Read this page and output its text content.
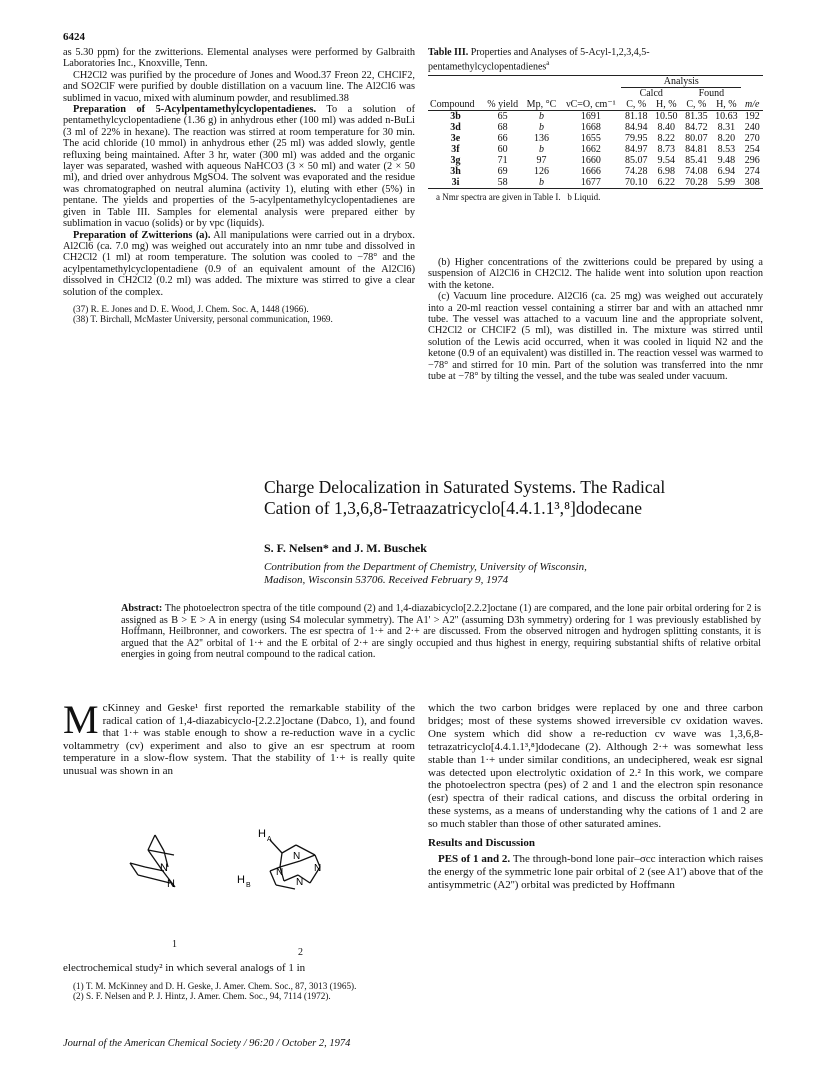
6424

as 5.30 ppm) for the zwitterions. Elemental analyses were performed by Galbraith Laboratories Inc., Knoxville, Tenn.

CH2Cl2 was purified by the procedure of Jones and Wood.37 Freon 22, CHClF2, and SO2ClF were purified by double distillation on a vacuum line. The Al2Cl6 was sublimed in vacuo, mixed with aluminum powder, and resublimed.38

Preparation of 5-Acylpentamethylcyclopentadienes. To a solution of pentamethylcyclopentadiene (1.36 g) in anhydrous ether (100 ml) was added n-BuLi (3 ml of 22% in hexane). The reaction was stirred at room temperature for 30 min. The acid chloride (10 mmol) in anhydrous ether (25 ml) was added slowly, gentle refluxing being maintained. After 3 hr, water (300 ml) was added and the organic layer was separated, washed with aqueous NaHCO3 (3 × 50 ml) and water (2 × 50 ml), and dried over anhydrous MgSO4. The solvent was evaporated and the residue was chromatographed on neutral alumina (activity 1), eluting with ether (5%) in pentane. The yields and properties of the 5-acylpentamethylcyclopentadienes are given in Table III. Samples for elemental analysis were prepared either by sublimation in vacuo (solids) or by vpc (liquids).

Preparation of Zwitterions (a). All manipulations were carried out in a drybox. Al2Cl6 (ca. 7.0 mg) was weighed out accurately into an nmr tube and dissolved in CH2Cl2 (1 ml) at room temperature. The solution was cooled to −78° and the acylpentamethylcyclopentadiene (0.9 of an equivalent amount of the Al2Cl6) dissolved in CH2Cl2 (0.2 ml) was added. The mixture was stirred to give a clear solution of the complex.

(37) R. E. Jones and D. E. Wood, J. Chem. Soc. A, 1448 (1966).

(38) T. Birchall, McMaster University, personal communication, 1969.

Table III. Properties and Analyses of 5-Acyl-1,2,3,4,5-pentamethylcyclopentadienes$^a$
				Analysis				
				Calcd		Found		
Compound	% yield	Mp, °C	νC=O, cm⁻¹	C, %	H, %	C, %	H, %	m/e
3b	65	b	1691	81.18	10.50	81.35	10.63	192
3d	68	b	1668	84.94	8.40	84.72	8.31	240
3e	66	136	1655	79.95	8.22	80.07	8.20	270
3f	60	b	1662	84.97	8.73	84.81	8.53	254
3g	71	97	1660	85.07	9.54	85.41	9.48	296
3h	69	126	1666	74.28	6.98	74.08	6.94	274
3i	58	b	1677	70.10	6.22	70.28	5.99	308
a Nmr spectra are given in Table I. b Liquid.

(b) Higher concentrations of the zwitterions could be prepared by using a suspension of Al2Cl6 in CH2Cl2. The halide went into solution upon reaction with the ketone.

(c) Vacuum line procedure. Al2Cl6 (ca. 25 mg) was weighed out accurately into a 20-ml reaction vessel containing a stirrer bar and with an attached nmr tube. The vessel was attached to a vacuum line and the appropriate solvent, CH2Cl2 or CHClF2 (5 ml), was distilled in. The mixture was stirred until solution of the Lewis acid occurred, when it was cooled in liquid N2 and the ketone (0.9 of an equivalent) was distilled in. The reaction vessel was warmed to −78° and stirred for 10 min. Part of the solution was transferred into the nmr tube at −78° by tilting the vessel, and the tube was sealed under vacuum.

Charge Delocalization in Saturated Systems. The Radical
Cation of 1,3,6,8-Tetraazatricyclo[4.4.1.1³,⁸]dodecane
S. F. Nelsen* and J. M. Buschek
Contribution from the Department of Chemistry, University of Wisconsin,
Madison, Wisconsin 53706. Received February 9, 1974
Abstract: The photoelectron spectra of the title compound (2) and 1,4-diazabicyclo[2.2.2]octane (1) are compared, and the lone pair orbital ordering for 2 is assigned as B > E > A in energy (using S4 molecular symmetry). The A1' > A2'' (assuming D3h symmetry) ordering for 1 was previously established by Hoffmann, Heilbronner, and coworkers. The esr spectra of 1·+ and 2·+ are discussed. From the observed nitrogen and hydrogen splitting constants, it is argued that the A2'' orbital of 1·+ and the E orbital of 2·+ are singly occupied and thus highest in energy, requiring substantial shifts of relative orbital energies in going from neutral compound to the radical cation.
McKinney and Geske¹ first reported the remarkable stability of the radical cation of 1,4-diazabicyclo-[2.2.2]octane (Dabco, 1), and found that 1·+ was stable enough to show a re-reduction wave in a cyclic voltammetry (cv) experiment and also to give an esr spectrum at room temperature in a slow-flow system. That the stability of 1·+ is really quite unusual was shown in an
N
N
H A
H B
N
N	N
N
1
2
electrochemical study² in which several analogs of 1 in

(1) T. M. McKinney and D. H. Geske, J. Amer. Chem. Soc., 87, 3013 (1965).

(2) S. F. Nelsen and P. J. Hintz, J. Amer. Chem. Soc., 94, 7114 (1972).

which the two carbon bridges were replaced by one and three carbon bridges; most of these systems showed irreversible cv oxidation waves. One system which did show a re-reduction cv wave was 1,3,6,8-tetrazatricyclo[4.4.1.1³,⁸]dodecane (2). Although 2·+ was somewhat less stable than 1·+ under similar conditions, an undeciphered, weak esr signal was detected upon electrolytic oxidation of 2.² In this work, we compare the photoelectron spectra (pes) of 2 and 1 and the electron spin resonance (esr) spectra of their radical cations, and discuss the orbital ordering in these systems, as a means of understanding why the cations of 1 and 2 are so much stabler than those of other saturated amines.

Results and Discussion

PES of 1 and 2. The through-bond lone pair–σcc interaction which raises the energy of the symmetric lone pair orbital of 2 (see A1') above that of the antisymmetric (A2'') orbital was predicted by Hoffmann

Journal of the American Chemical Society / 96:20 / October 2, 1974
